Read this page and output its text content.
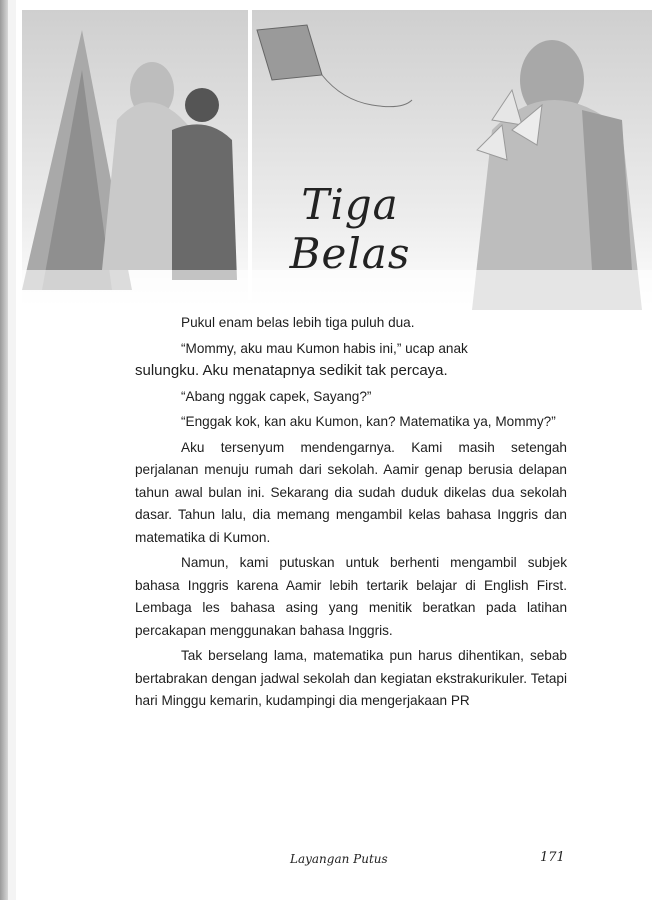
Tiga Belas

Pukul enam belas lebih tiga puluh dua.

“Mommy, aku mau Kumon habis ini,” ucap anak

sulungku. Aku menatapnya sedikit tak percaya.

“Abang nggak capek, Sayang?”

“Enggak kok, kan aku Kumon, kan? Matematika ya, Mommy?”

Aku tersenyum mendengarnya. Kami masih setengah perjalanan menuju rumah dari sekolah. Aamir genap berusia delapan tahun awal bulan ini. Sekarang dia sudah duduk dikelas dua sekolah dasar. Tahun lalu, dia memang mengambil kelas bahasa Inggris dan matematika di Kumon.

Namun, kami putuskan untuk berhenti mengambil subjek bahasa Inggris karena Aamir lebih tertarik belajar di English First. Lembaga les bahasa asing yang menitik beratkan pada latihan percakapan menggunakan bahasa Inggris.

Tak berselang lama, matematika pun harus dihentikan, sebab bertabrakan dengan jadwal sekolah dan kegiatan ekstrakurikuler. Tetapi hari Minggu kemarin, kudampingi dia mengerjakaan PR

Layangan Putus	171
